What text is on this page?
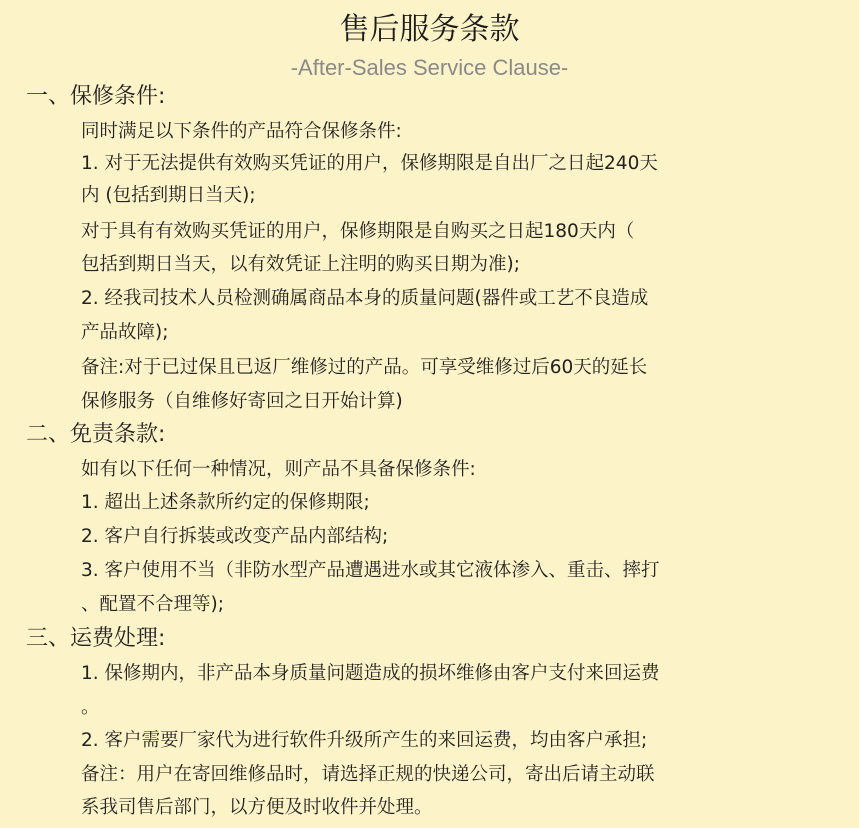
售后服务条款
-After-Sales Service Clause-
一、保修条件:
同时满足以下条件的产品符合保修条件:
1. 对于无法提供有效购买凭证的用户，保修期限是自出厂之日起240天
内 (包括到期日当天);
对于具有有效购买凭证的用户，保修期限是自购买之日起180天内（
包括到期日当天，以有效凭证上注明的购买日期为准);
2. 经我司技术人员检测确属商品本身的质量问题(器件或工艺不良造成
产品故障);
备注:对于已过保且已返厂维修过的产品。可享受维修过后60天的延长
保修服务（自维修好寄回之日开始计算)
二、免责条款:
如有以下任何一种情况，则产品不具备保修条件:
1. 超出上述条款所约定的保修期限;
2. 客户自行拆装或改变产品内部结构;
3. 客户使用不当（非防水型产品遭遇进水或其它液体渗入、重击、摔打
、配置不合理等);
三、运费处理:
1. 保修期内，非产品本身质量问题造成的损坏维修由客户支付来回运费
。
2. 客户需要厂家代为进行软件升级所产生的来回运费，均由客户承担;
备注：用户在寄回维修品时，请选择正规的快递公司，寄出后请主动联
系我司售后部门，以方便及时收件并处理。
